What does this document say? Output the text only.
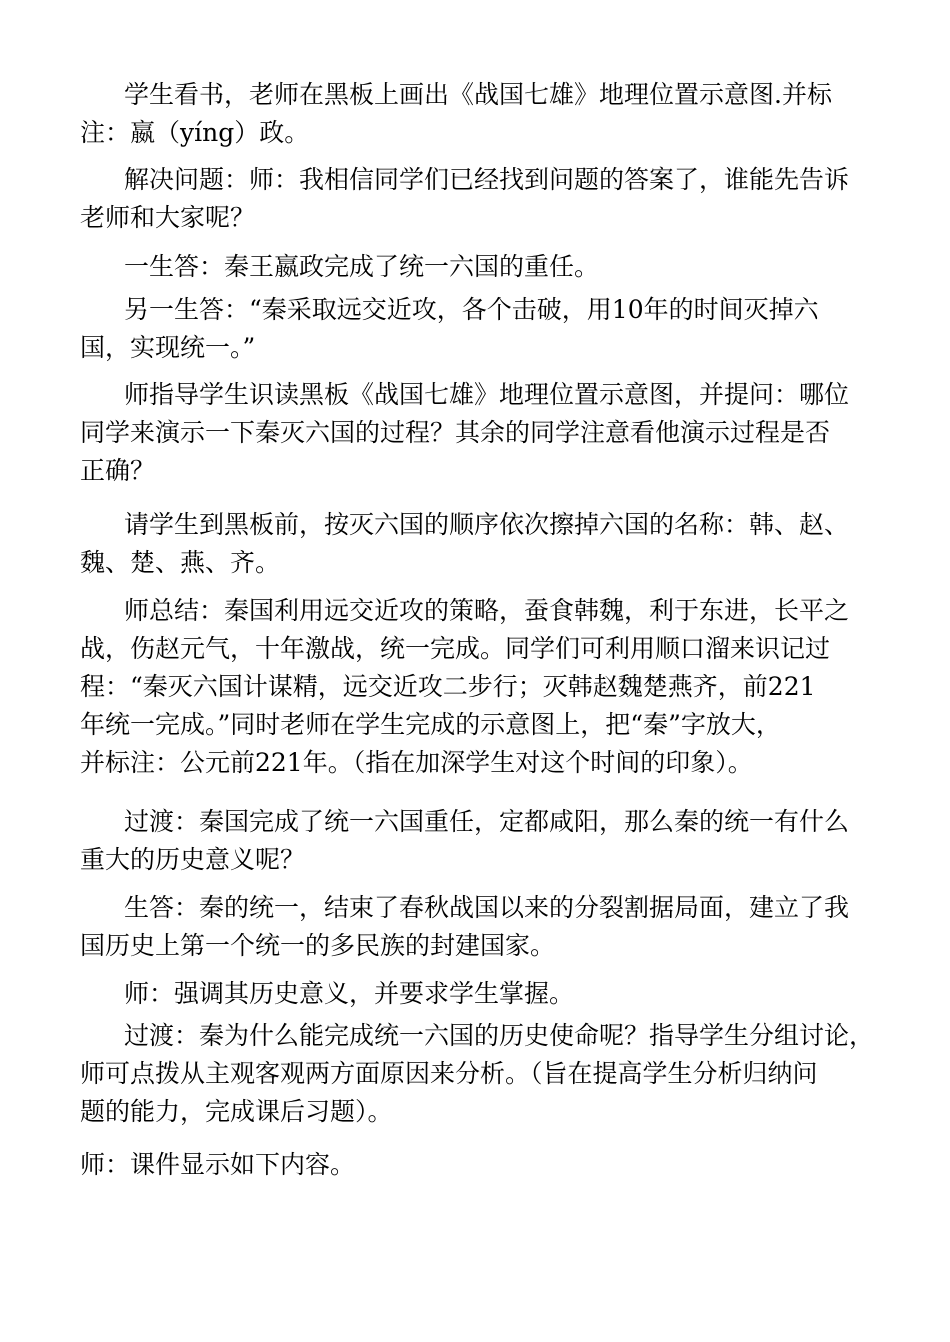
学生看书，老师在黑板上画出《战国七雄》地理位置示意图.并标
注：嬴（yíng）政。
解决问题：师：我相信同学们已经找到问题的答案了，谁能先告诉
老师和大家呢？
一生答：秦王嬴政完成了统一六国的重任。
另一生答：“秦采取远交近攻，各个击破，用10年的时间灭掉六
国，实现统一。”
师指导学生识读黑板《战国七雄》地理位置示意图，并提问：哪位
同学来演示一下秦灭六国的过程？其余的同学注意看他演示过程是否
正确？
请学生到黑板前，按灭六国的顺序依次擦掉六国的名称：韩、赵、
魏、楚、燕、齐。
师总结：秦国利用远交近攻的策略，蚕食韩魏，利于东进，长平之
战，伤赵元气，十年激战，统一完成。同学们可利用顺口溜来识记过
程：“秦灭六国计谋精，远交近攻二步行；灭韩赵魏楚燕齐，前221
年统一完成。”同时老师在学生完成的示意图上，把“秦”字放大，
并标注：公元前221年。（指在加深学生对这个时间的印象）。
过渡：秦国完成了统一六国重任，定都咸阳，那么秦的统一有什么
重大的历史意义呢？
生答：秦的统一，结束了春秋战国以来的分裂割据局面，建立了我
国历史上第一个统一的多民族的封建国家。
师：强调其历史意义，并要求学生掌握。
过渡：秦为什么能完成统一六国的历史使命呢？指导学生分组讨论，
师可点拨从主观客观两方面原因来分析。（旨在提高学生分析归纳问
题的能力，完成课后习题）。
师：课件显示如下内容。
